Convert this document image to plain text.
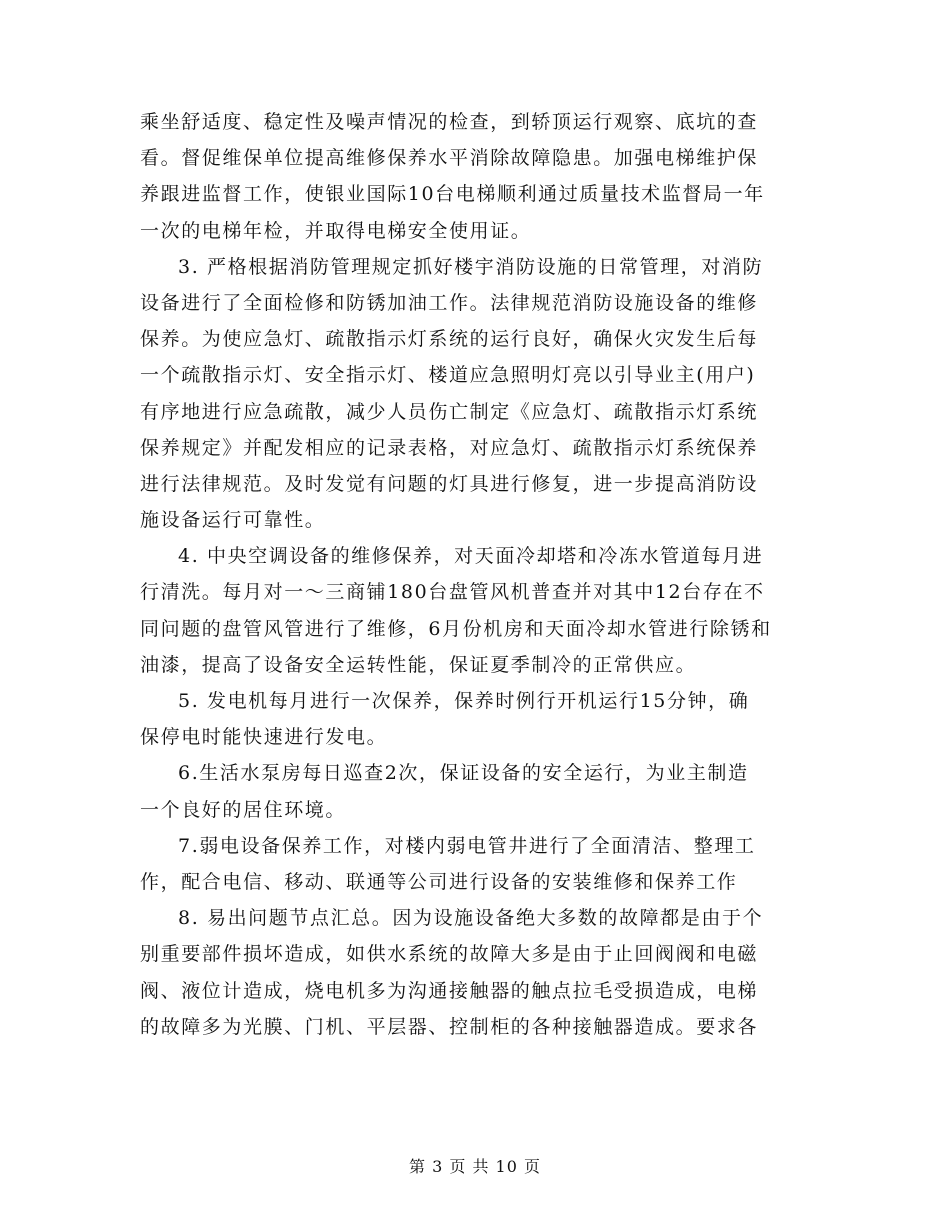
乘坐舒适度、稳定性及噪声情况的检查，到轿顶运行观察、底坑的查
看。督促维保单位提高维修保养水平消除故障隐患。加强电梯维护保
养跟进监督工作，使银业国际10台电梯顺利通过质量技术监督局一年
一次的电梯年检，并取得电梯安全使用证。
3. 严格根据消防管理规定抓好楼宇消防设施的日常管理，对消防
设备进行了全面检修和防锈加油工作。法律规范消防设施设备的维修
保养。为使应急灯、疏散指示灯系统的运行良好，确保火灾发生后每
一个疏散指示灯、安全指示灯、楼道应急照明灯亮以引导业主(用户)
有序地进行应急疏散，减少人员伤亡制定《应急灯、疏散指示灯系统
保养规定》并配发相应的记录表格，对应急灯、疏散指示灯系统保养
进行法律规范。及时发觉有问题的灯具进行修复，进一步提高消防设
施设备运行可靠性。
4. 中央空调设备的维修保养，对天面冷却塔和冷冻水管道每月进
行清洗。每月对一～三商铺180台盘管风机普查并对其中12台存在不
同问题的盘管风管进行了维修，6月份机房和天面冷却水管进行除锈和
油漆，提高了设备安全运转性能，保证夏季制冷的正常供应。
5. 发电机每月进行一次保养，保养时例行开机运行15分钟，确
保停电时能快速进行发电。
6.生活水泵房每日巡查2次，保证设备的安全运行，为业主制造
一个良好的居住环境。
7.弱电设备保养工作，对楼内弱电管井进行了全面清洁、整理工
作，配合电信、移动、联通等公司进行设备的安装维修和保养工作
8. 易出问题节点汇总。因为设施设备绝大多数的故障都是由于个
别重要部件损坏造成，如供水系统的故障大多是由于止回阀阀和电磁
阀、液位计造成，烧电机多为沟通接触器的触点拉毛受损造成，电梯
的故障多为光膜、门机、平层器、控制柜的各种接触器造成。要求各
第 3 页 共 10 页
